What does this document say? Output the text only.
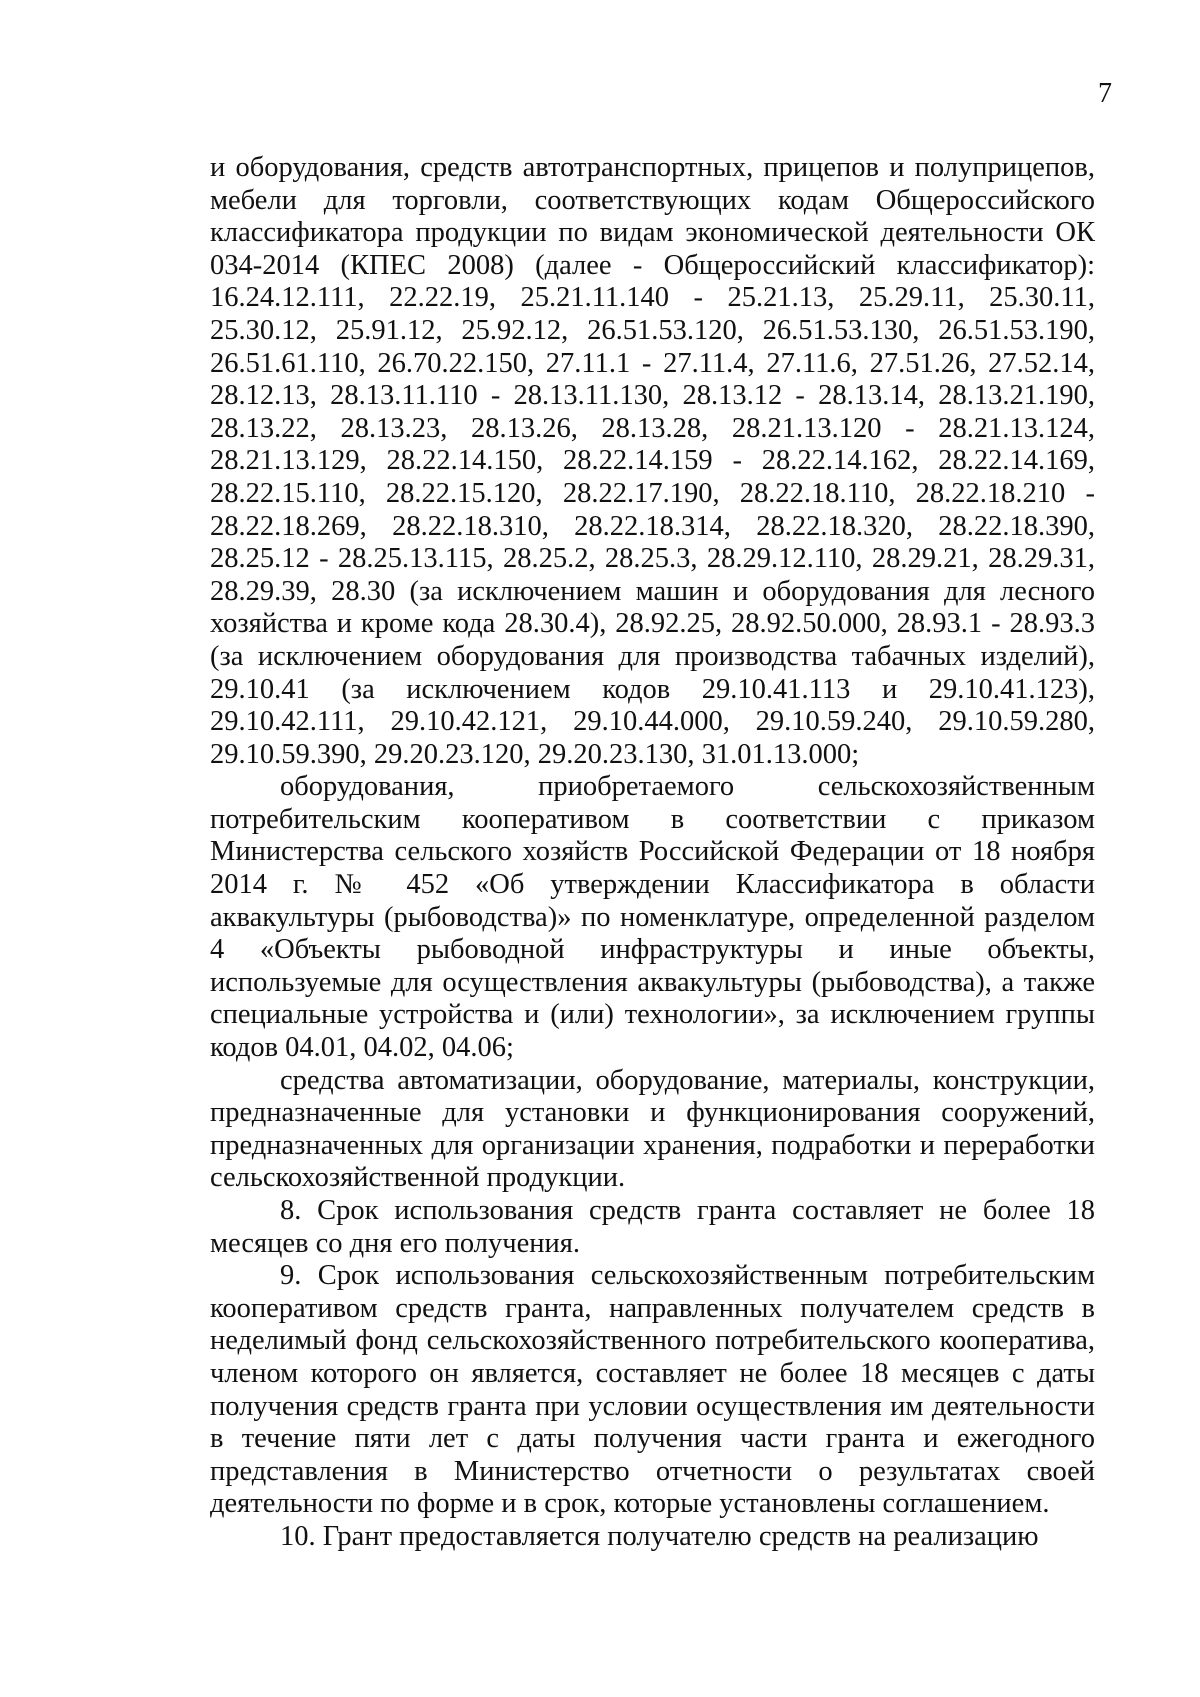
7

и оборудования, средств автотранспортных, прицепов и полуприцепов, мебели для торговли, соответствующих кодам Общероссийского классификатора продукции по видам экономической деятельности ОК 034-2014 (КПЕС 2008) (далее - Общероссийский классификатор): 16.24.12.111, 22.22.19, 25.21.11.140 - 25.21.13, 25.29.11, 25.30.11, 25.30.12, 25.91.12, 25.92.12, 26.51.53.120, 26.51.53.130, 26.51.53.190, 26.51.61.110, 26.70.22.150, 27.11.1 - 27.11.4, 27.11.6, 27.51.26, 27.52.14, 28.12.13, 28.13.11.110 - 28.13.11.130, 28.13.12 - 28.13.14, 28.13.21.190, 28.13.22, 28.13.23, 28.13.26, 28.13.28, 28.21.13.120 - 28.21.13.124, 28.21.13.129, 28.22.14.150, 28.22.14.159 - 28.22.14.162, 28.22.14.169, 28.22.15.110, 28.22.15.120, 28.22.17.190, 28.22.18.110, 28.22.18.210 - 28.22.18.269, 28.22.18.310, 28.22.18.314, 28.22.18.320, 28.22.18.390, 28.25.12 - 28.25.13.115, 28.25.2, 28.25.3, 28.29.12.110, 28.29.21, 28.29.31, 28.29.39, 28.30 (за исключением машин и оборудования для лесного хозяйства и кроме кода 28.30.4), 28.92.25, 28.92.50.000, 28.93.1 - 28.93.3 (за исключением оборудования для производства табачных изделий), 29.10.41 (за исключением кодов 29.10.41.113 и 29.10.41.123), 29.10.42.111, 29.10.42.121, 29.10.44.000, 29.10.59.240, 29.10.59.280, 29.10.59.390, 29.20.23.120, 29.20.23.130, 31.01.13.000;

оборудования, приобретаемого сельскохозяйственным потребительским кооперативом в соответствии с приказом Министерства сельского хозяйств Российской Федерации от 18 ноября 2014 г. № 452 «Об утверждении Классификатора в области аквакультуры (рыбоводства)» по номенклатуре, определенной разделом 4 «Объекты рыбоводной инфраструктуры и иные объекты, используемые для осуществления аквакультуры (рыбоводства), а также специальные устройства и (или) технологии», за исключением группы кодов 04.01, 04.02, 04.06;

средства автоматизации, оборудование, материалы, конструкции, предназначенные для установки и функционирования сооружений, предназначенных для организации хранения, подработки и переработки сельскохозяйственной продукции.

8. Срок использования средств гранта составляет не более 18 месяцев со дня его получения.

9. Срок использования сельскохозяйственным потребительским кооперативом средств гранта, направленных получателем средств в неделимый фонд сельскохозяйственного потребительского кооператива, членом которого он является, составляет не более 18 месяцев с даты получения средств гранта при условии осуществления им деятельности в течение пяти лет с даты получения части гранта и ежегодного представления в Министерство отчетности о результатах своей деятельности по форме и в срок, которые установлены соглашением.

10. Грант предоставляется получателю средств на реализацию
